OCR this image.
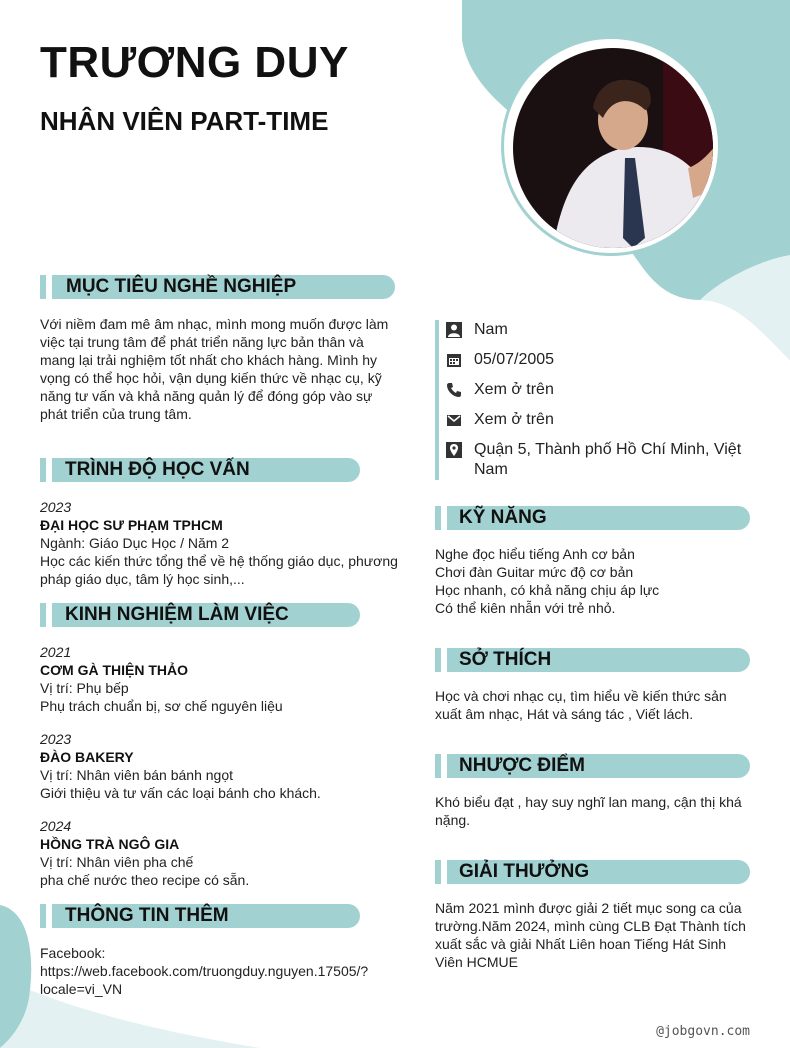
TRƯƠNG DUY
NHÂN VIÊN PART-TIME
MỤC TIÊU NGHỀ NGHIỆP
Với niềm đam mê âm nhạc, mình mong muốn được làm
việc tại trung tâm để phát triển năng lực bản thân và
mang lại trải nghiệm tốt nhất cho khách hàng. Mình hy
vọng có thể học hỏi, vận dụng kiến thức về nhạc cụ, kỹ
năng tư vấn và khả năng quản lý để đóng góp vào sự
phát triển của trung tâm.
TRÌNH ĐỘ HỌC VẤN
2023
ĐẠI HỌC SƯ PHẠM TPHCM
Ngành: Giáo Dục Học / Năm 2
Học các kiến thức tổng thể về hệ thống giáo dục, phương
pháp giáo dục, tâm lý học sinh,...
KINH NGHIỆM LÀM VIỆC
2021
CƠM GÀ THIỆN THẢO
Vị trí: Phụ bếp
Phụ trách chuẩn bị, sơ chế nguyên liệu
2023
ĐÀO BAKERY
Vị trí: Nhân viên bán bánh ngọt
Giới thiệu và tư vấn các loại bánh cho khách.
2024
HỒNG TRÀ NGÔ GIA
Vị trí: Nhân viên pha chế
pha chế nước theo recipe có sẵn.
THÔNG TIN THÊM
Facebook:
https://web.facebook.com/truongduy.nguyen.17505/?
locale=vi_VN
Nam
05/07/2005
Xem ở trên
Xem ở trên
Quận 5, Thành phố Hồ Chí Minh, Việt
Nam
KỸ NĂNG
Nghe đọc hiểu tiếng Anh cơ bản
Chơi đàn Guitar mức độ cơ bản
Học nhanh, có khả năng chịu áp lực
Có thể kiên nhẫn với trẻ nhỏ.
SỞ THÍCH
Học và chơi nhạc cụ, tìm hiểu về kiến thức sản
xuất âm nhạc, Hát và sáng tác , Viết lách.
NHƯỢC ĐIỂM
Khó biểu đạt , hay suy nghĩ lan mang, cận thị khá
nặng.
GIẢI THƯỞNG
Năm 2021 mình được giải 2 tiết mục song ca của
trường.Năm 2024, mình cùng CLB Đạt Thành tích
xuất sắc và giải Nhất Liên hoan Tiếng Hát Sinh
Viên HCMUE
@jobgovn.com
